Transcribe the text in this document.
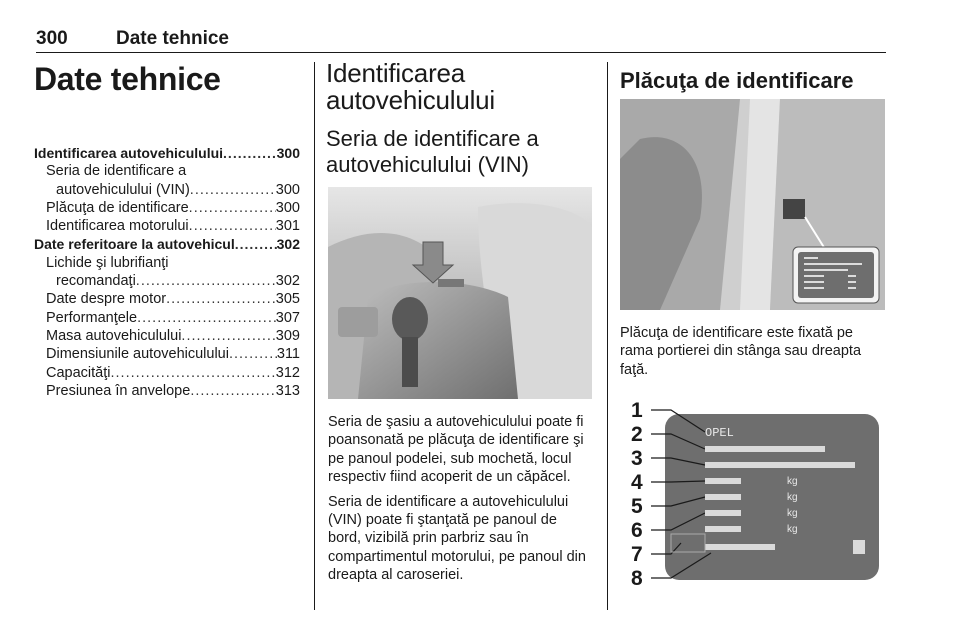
300	Date tehnice
Date tehnice
Identificarea autovehiculului .....	300
Seria de identificare a
autovehiculului (VIN) .....	300
Plăcuţa de identificare .....	300
Identificarea motorului .....	301
Date referitoare la autovehicul .....	302
Lichide şi lubrifianţi
recomandaţi .....	302
Date despre motor .....	305
Performanţele .....	307
Masa autovehiculului .....	309
Dimensiunile autovehiculului .....	311
Capacităţi .....	312
Presiunea în anvelope .....	313
Identificarea
autovehiculului
Seria de identificare a
autovehiculului (VIN)

Seria de şasiu a autovehiculului poate fi poansonată pe plăcuţa de identificare şi pe panoul podelei, sub mochetă, locul respectiv fiind acoperit de un căpăcel.

Seria de identificare a autovehiculului (VIN) poate fi ştanţată pe panoul de bord, vizibilă prin parbriz sau în compartimentul motorului, pe panoul din dreapta al caroseriei.

Plăcuţa de identificare

Plăcuţa de identificare este fixată pe rama portierei din stânga sau dreapta faţă.

1
2
3
4
5
6
7
8
OPEL
kg
kg
kg
kg
